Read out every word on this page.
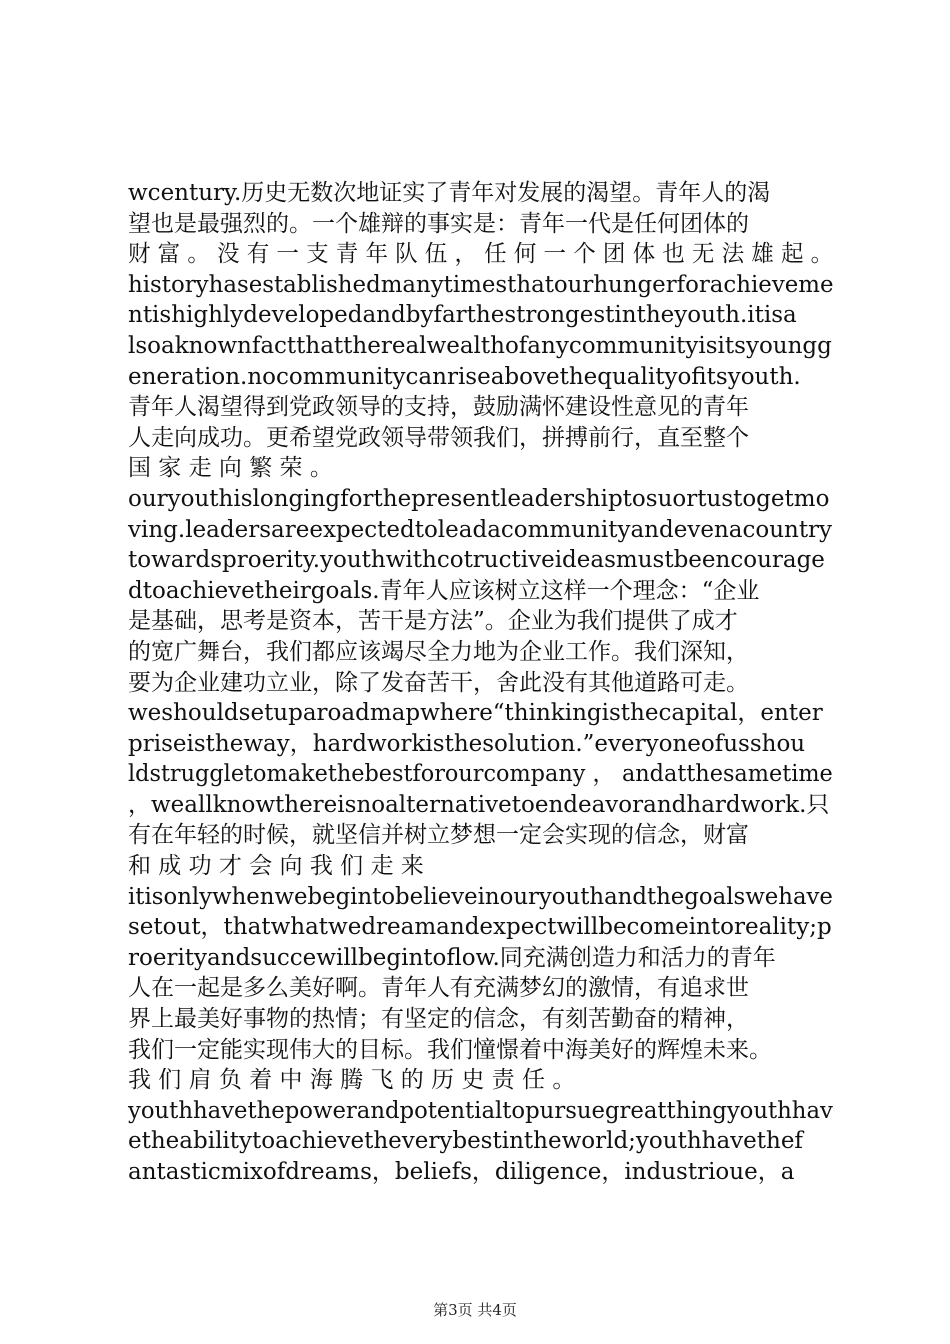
wcentury.历史无数次地证实了青年对发展的渴望。青年人的渴
望也是最强烈的。一个雄辩的事实是：青年一代是任何团体的
财 富 。 没 有 一 支 青 年 队 伍 ， 任 何 一 个 团 体 也 无 法 雄 起 。
historyhasestablishedmanytimesthatourhungerforachieveme
ntishighlydevelopedandbyfarthestrongestintheyouth.itisa
lsoaknownfactthattherealwealthofanycommunityisitsyoungg
eneration.nocommunitycanriseabovethequalityofitsyouth.
青年人渴望得到党政领导的支持，鼓励满怀建设性意见的青年
人走向成功。更希望党政领导带领我们，拼搏前行，直至整个
国 家 走 向 繁 荣 。
ouryouthislongingforthepresentleadershiptosuortustogetmo
ving.leadersareexpectedtoleadacommunityandevenacountry
towardsproerity.youthwithcotructiveideasmustbeencourage
dtoachievetheirgoals.青年人应该树立这样一个理念：“企业
是基础，思考是资本，苦干是方法”。企业为我们提供了成才
的宽广舞台，我们都应该竭尽全力地为企业工作。我们深知，
要为企业建功立业，除了发奋苦干，舍此没有其他道路可走。
weshouldsetuparoadmapwhere“thinkingisthecapital，enter
priseistheway，hardworkisthesolution.”everyoneofusshou
ldstruggletomakethebestforourcompany ， andatthesametime
，weallknowthereisnoalternativetoendeavorandhardwork.只
有在年轻的时候，就坚信并树立梦想一定会实现的信念，财富
和 成 功 才 会 向 我 们 走 来
itisonlywhenwebegintobelieveinouryouthandthegoalswehave
setout，thatwhatwedreamandexpectwillbecomeintoreality;p
roerityandsuccewillbegintoflow.同充满创造力和活力的青年
人在一起是多么美好啊。青年人有充满梦幻的激情，有追求世
界上最美好事物的热情；有坚定的信念，有刻苦勤奋的精神，
我们一定能实现伟大的目标。我们憧憬着中海美好的辉煌未来。
我 们 肩 负 着 中 海 腾 飞 的 历 史 责 任 。
youthhavethepowerandpotentialtopursuegreatthingyouthhav
etheabilitytoachievetheverybestintheworld;youthhavethef
antasticmixofdreams，beliefs，diligence，industrioue，a
第3页 共4页
